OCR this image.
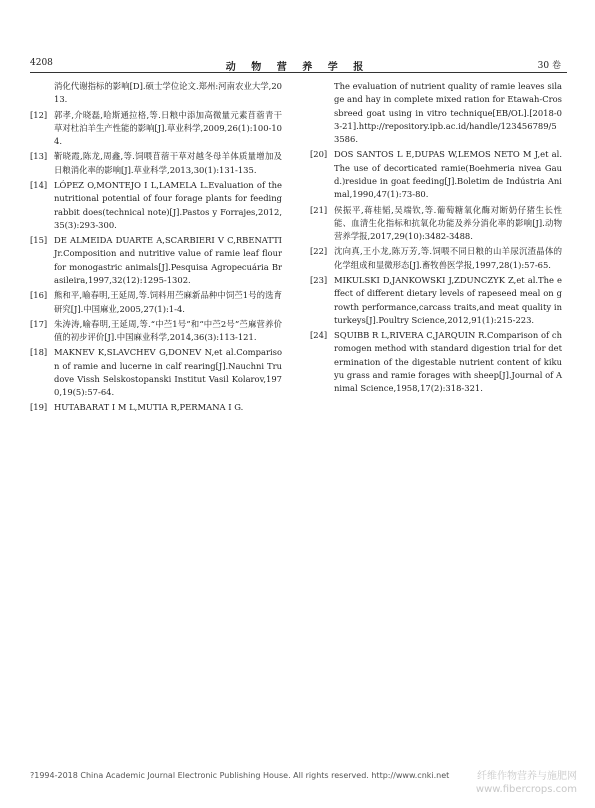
4208	动 物 营 养 学 报	30 卷
消化代谢指标的影响[D].硕士学位论文.郑州:河南农业大学,2013.
[12] 郭孝,介晓磊,哈斯通拉格,等.日粮中添加高微量元素苜蓿青干草对杜泊羊生产性能的影响[J].草业科学,2009,26(1):100-104.
[13] 靳晓霞,陈龙,周鑫,等.饲喂苜蓿干草对越冬母羊体质量增加及日粮消化率的影响[J].草业科学,2013,30(1):131-135.
[14] LÓPEZ O,MONTEJO I L,LAMELA L.Evaluation of the nutritional potential of four forage plants for feeding rabbit does(technical note)[J].Pastos y Forrajes,2012,35(3):293-300.
[15] DE ALMEIDA DUARTE A,SCARBIERI V C,RBENATTI Jr.Composition and nutritive value of ramie leaf flour for monogastric animals[J].Pesquisa Agropecuária Brasileira,1997,32(12):1295-1302.
[16] 熊和平,喻春明,王延周,等.饲料用苎麻新品种中饲苎1号的选育研究[J].中国麻业,2005,27(1):1-4.
[17] 朱涛涛,喻春明,王延周,等.“中苎1号”和“中苎2号”苎麻营养价值的初步评价[J].中国麻业科学,2014,36(3):113-121.
[18] MAKNEV K,SLAVCHEV G,DONEV N,et al.Comparison of ramie and lucerne in calf rearing[J].Nauchni Trudove Vissh Selskostopanski Institut Vasil Kolarov,1970,19(5):57-64.
[19] HUTABARAT I M L,MUTIA R,PERMANA I G.
The evaluation of nutrient quality of ramie leaves silage and hay in complete mixed ration for Etawah-Crossbreed goat using in vitro technique[EB/OL].[2018-03-21].http://repository.ipb.ac.id/handle/123456789/53586.
[20] DOS SANTOS L E,DUPAS W,LEMOS NETO M J,et al.The use of decorticated ramie(Boehmeria nivea Gaud.)residue in goat feeding[J].Boletim de Indústria Animal,1990,47(1):73-80.
[21] 侯振平,蒋桂韬,吴端钦,等.葡萄糖氧化酶对断奶仔猪生长性能、血清生化指标和抗氧化功能及养分消化率的影响[J].动物营养学报,2017,29(10):3482-3488.
[22] 沈向真,王小龙,陈万芳,等.饲喂不同日粮的山羊尿沉渣晶体的化学组成和显微形态[J].畜牧兽医学报,1997,28(1):57-65.
[23] MIKULSKI D,JANKOWSKI J,ZDUNCZYK Z,et al.The effect of different dietary levels of rapeseed meal on growth performance,carcass traits,and meat quality in turkeys[J].Poultry Science,2012,91(1):215-223.
[24] SQUIBB R L,RIVERA C,JARQUIN R.Comparison of chromogen method with standard digestion trial for determination of the digestable nutrient content of kikuyu grass and ramie forages with sheep[J].Journal of Animal Science,1958,17(2):318-321.
?1994-2018 China Academic Journal Electronic Publishing House. All rights reserved. http://www.cnki.net	纤维作物营养与施肥网
www.fibercrops.com
